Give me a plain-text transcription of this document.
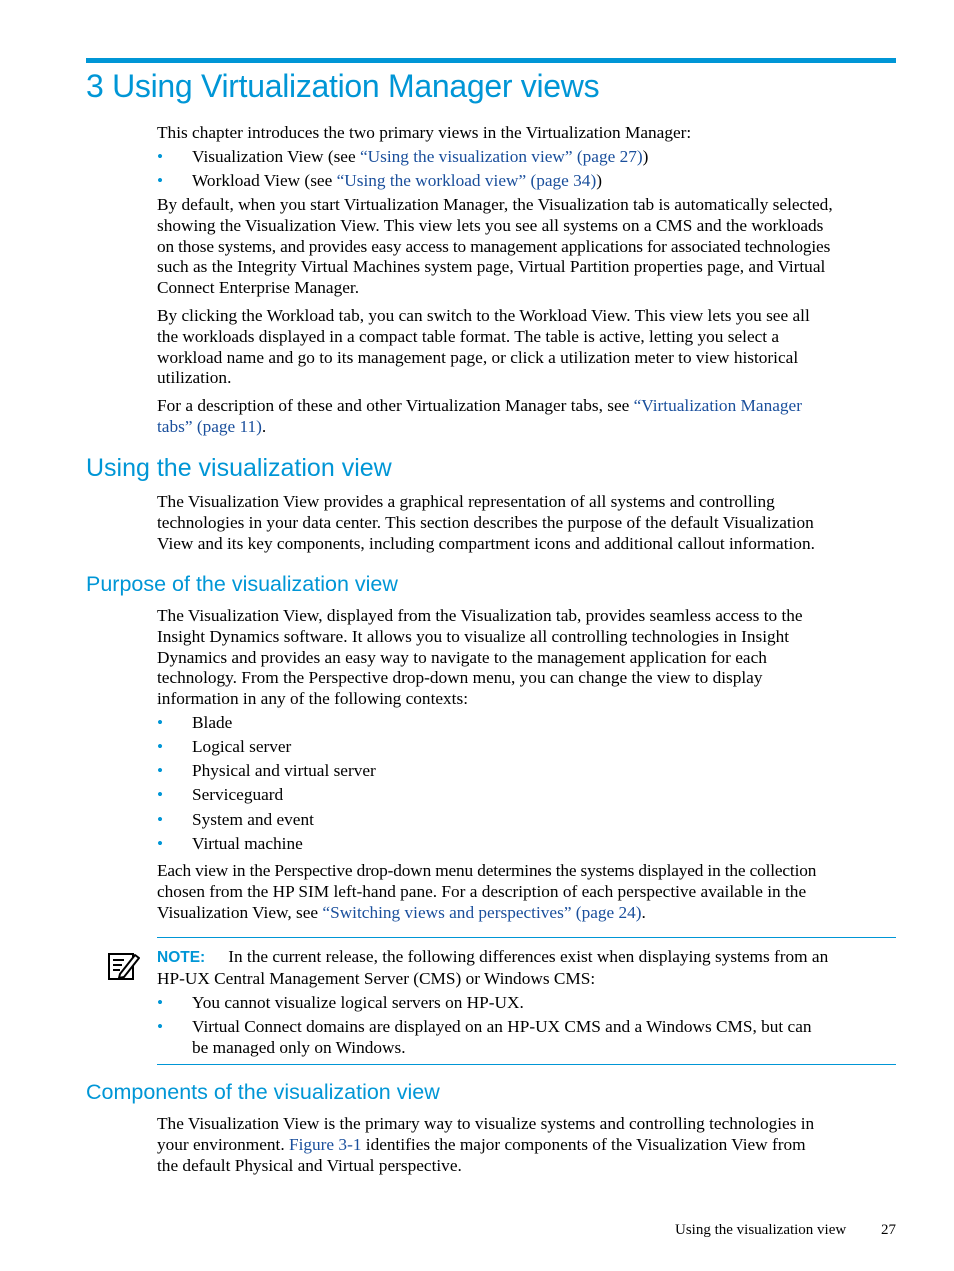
3 Using Virtualization Manager views
This chapter introduces the two primary views in the Virtualization Manager:
• Visualization View (see “Using the visualization view” (page 27))
• Workload View (see “Using the workload view” (page 34))

By default, when you start Virtualization Manager, the Visualization tab is automatically selected,

showing the Visualization View. This view lets you see all systems on a CMS and the workloads

on those systems, and provides easy access to management applications for associated technologies

such as the Integrity Virtual Machines system page, Virtual Partition properties page, and Virtual

Connect Enterprise Manager.

By clicking the Workload tab, you can switch to the Workload View. This view lets you see all

the workloads displayed in a compact table format. The table is active, letting you select a

workload name and go to its management page, or click a utilization meter to view historical

utilization.

For a description of these and other Virtualization Manager tabs, see “Virtualization Manager

tabs” (page 11).

Using the visualization view

The Visualization View provides a graphical representation of all systems and controlling

technologies in your data center. This section describes the purpose of the default Visualization

View and its key components, including compartment icons and additional callout information.

Purpose of the visualization view

The Visualization View, displayed from the Visualization tab, provides seamless access to the

Insight Dynamics software. It allows you to visualize all controlling technologies in Insight

Dynamics and provides an easy way to navigate to the management application for each

technology. From the Perspective drop-down menu, you can change the view to display

information in any of the following contexts:

• Blade
• Logical server
• Physical and virtual server
• Serviceguard
• System and event
• Virtual machine

Each view in the Perspective drop-down menu determines the systems displayed in the collection

chosen from the HP SIM left-hand pane. For a description of each perspective available in the

Visualization View, see “Switching views and perspectives” (page 24).

NOTE: In the current release, the following differences exist when displaying systems from an

HP-UX Central Management Server (CMS) or Windows CMS:

• You cannot visualize logical servers on HP-UX.
• Virtual Connect domains are displayed on an HP-UX CMS and a Windows CMS, but can
be managed only on Windows.
Components of the visualization view

The Visualization View is the primary way to visualize systems and controlling technologies in

your environment. Figure 3-1 identifies the major components of the Visualization View from

the default Physical and Virtual perspective.

Using the visualization view 27
